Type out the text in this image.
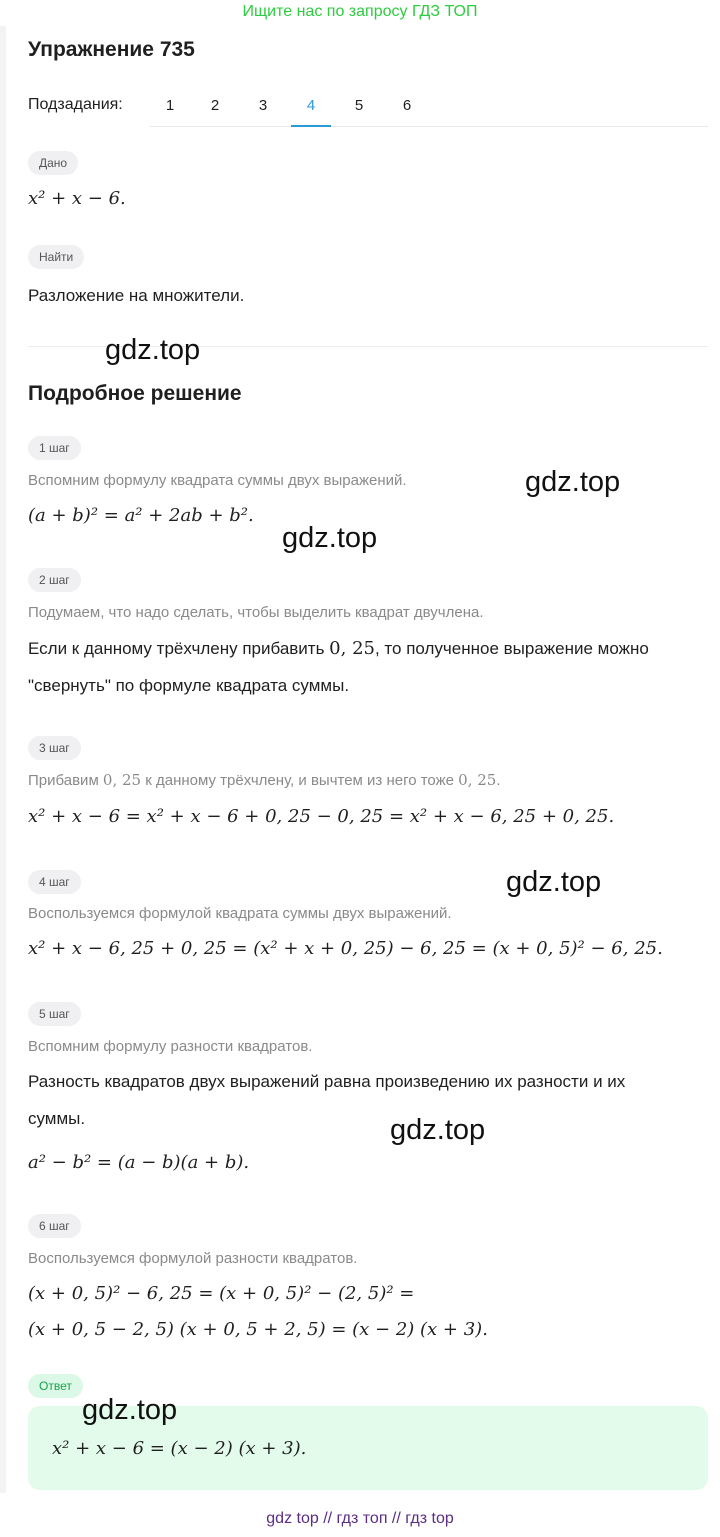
Ищите нас по запросу ГДЗ ТОП
Упражнение 735
Подзадания:	1	2	3	4	5	6
Дано
x² + x − 6.
Найти
Разложение на множители.
Подробное решение
1 шаг
Вспомним формулу квадрата суммы двух выражений.
(a + b)² = a² + 2ab + b².
2 шаг
Подумаем, что надо сделать, чтобы выделить квадрат двучлена.
Если к данному трёхчлену прибавить 0, 25, то полученное выражение можно
"свернуть" по формуле квадрата суммы.
3 шаг
Прибавим 0, 25 к данному трёхчлену, и вычтем из него тоже 0, 25.
x² + x − 6 = x² + x − 6 + 0, 25 − 0, 25 = x² + x − 6, 25 + 0, 25.
4 шаг
Воспользуемся формулой квадрата суммы двух выражений.
x² + x − 6, 25 + 0, 25 = (x² + x + 0, 25) − 6, 25 = (x + 0, 5)² − 6, 25.
5 шаг
Вспомним формулу разности квадратов.
Разность квадратов двух выражений равна произведению их разности и их
суммы.
a² − b² = (a − b)(a + b).
6 шаг
Воспользуемся формулой разности квадратов.
(x + 0, 5)² − 6, 25 = (x + 0, 5)² − (2, 5)² =
(x + 0, 5 − 2, 5) (x + 0, 5 + 2, 5) = (x − 2) (x + 3).
Ответ
x² + x − 6 = (x − 2) (x + 3).
gdz.top
gdz.top
gdz.top
gdz.top
gdz.top
gdz.top
gdz top // гдз топ // гдз top
